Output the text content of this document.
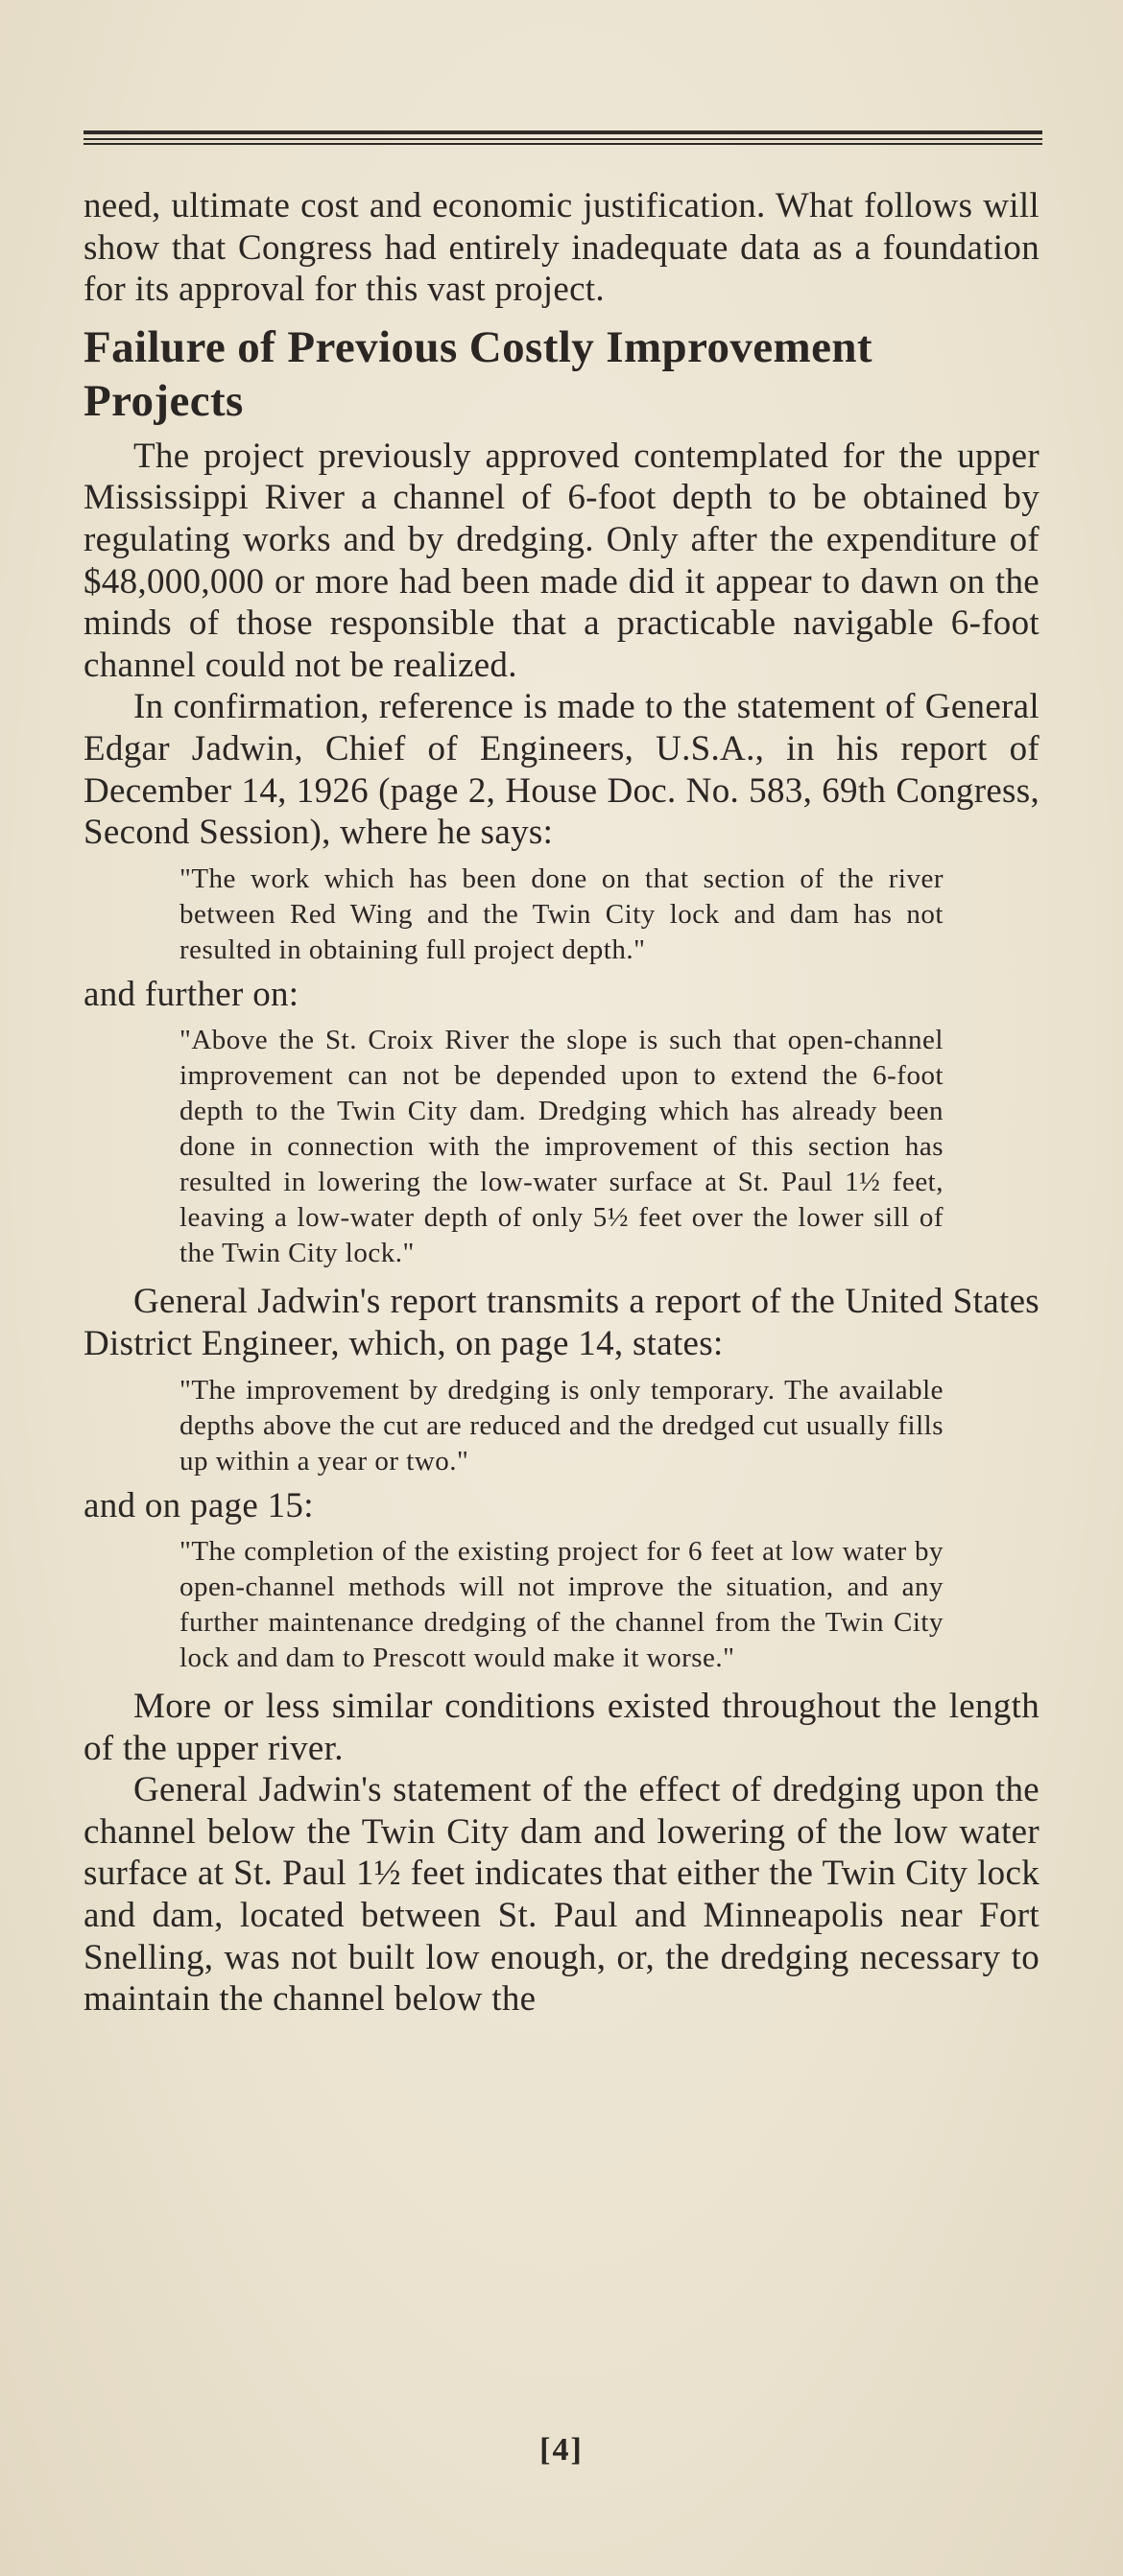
need, ultimate cost and economic justification. What follows will show that Congress had entirely inadequate data as a foundation for its approval for this vast project.

Failure of Previous Costly Improvement Projects

The project previously approved contemplated for the upper Mississippi River a channel of 6-foot depth to be obtained by regulating works and by dredging. Only after the expenditure of $48,000,000 or more had been made did it appear to dawn on the minds of those responsible that a practicable navigable 6-foot channel could not be realized.

In confirmation, reference is made to the statement of General Edgar Jadwin, Chief of Engineers, U.S.A., in his report of December 14, 1926 (page 2, House Doc. No. 583, 69th Congress, Second Session), where he says:

"The work which has been done on that section of the river between Red Wing and the Twin City lock and dam has not resulted in obtaining full project depth."

and further on:

"Above the St. Croix River the slope is such that open-channel improvement can not be depended upon to extend the 6-foot depth to the Twin City dam. Dredging which has already been done in connection with the improvement of this section has resulted in lowering the low-water surface at St. Paul 1½ feet, leaving a low-water depth of only 5½ feet over the lower sill of the Twin City lock."

General Jadwin's report transmits a report of the United States District Engineer, which, on page 14, states:

"The improvement by dredging is only temporary. The available depths above the cut are reduced and the dredged cut usually fills up within a year or two."

and on page 15:

"The completion of the existing project for 6 feet at low water by open-channel methods will not improve the situation, and any further maintenance dredging of the channel from the Twin City lock and dam to Prescott would make it worse."

More or less similar conditions existed throughout the length of the upper river.

General Jadwin's statement of the effect of dredging upon the channel below the Twin City dam and lowering of the low water surface at St. Paul 1½ feet indicates that either the Twin City lock and dam, located between St. Paul and Minneapolis near Fort Snelling, was not built low enough, or, the dredging necessary to maintain the channel below the

[4]
